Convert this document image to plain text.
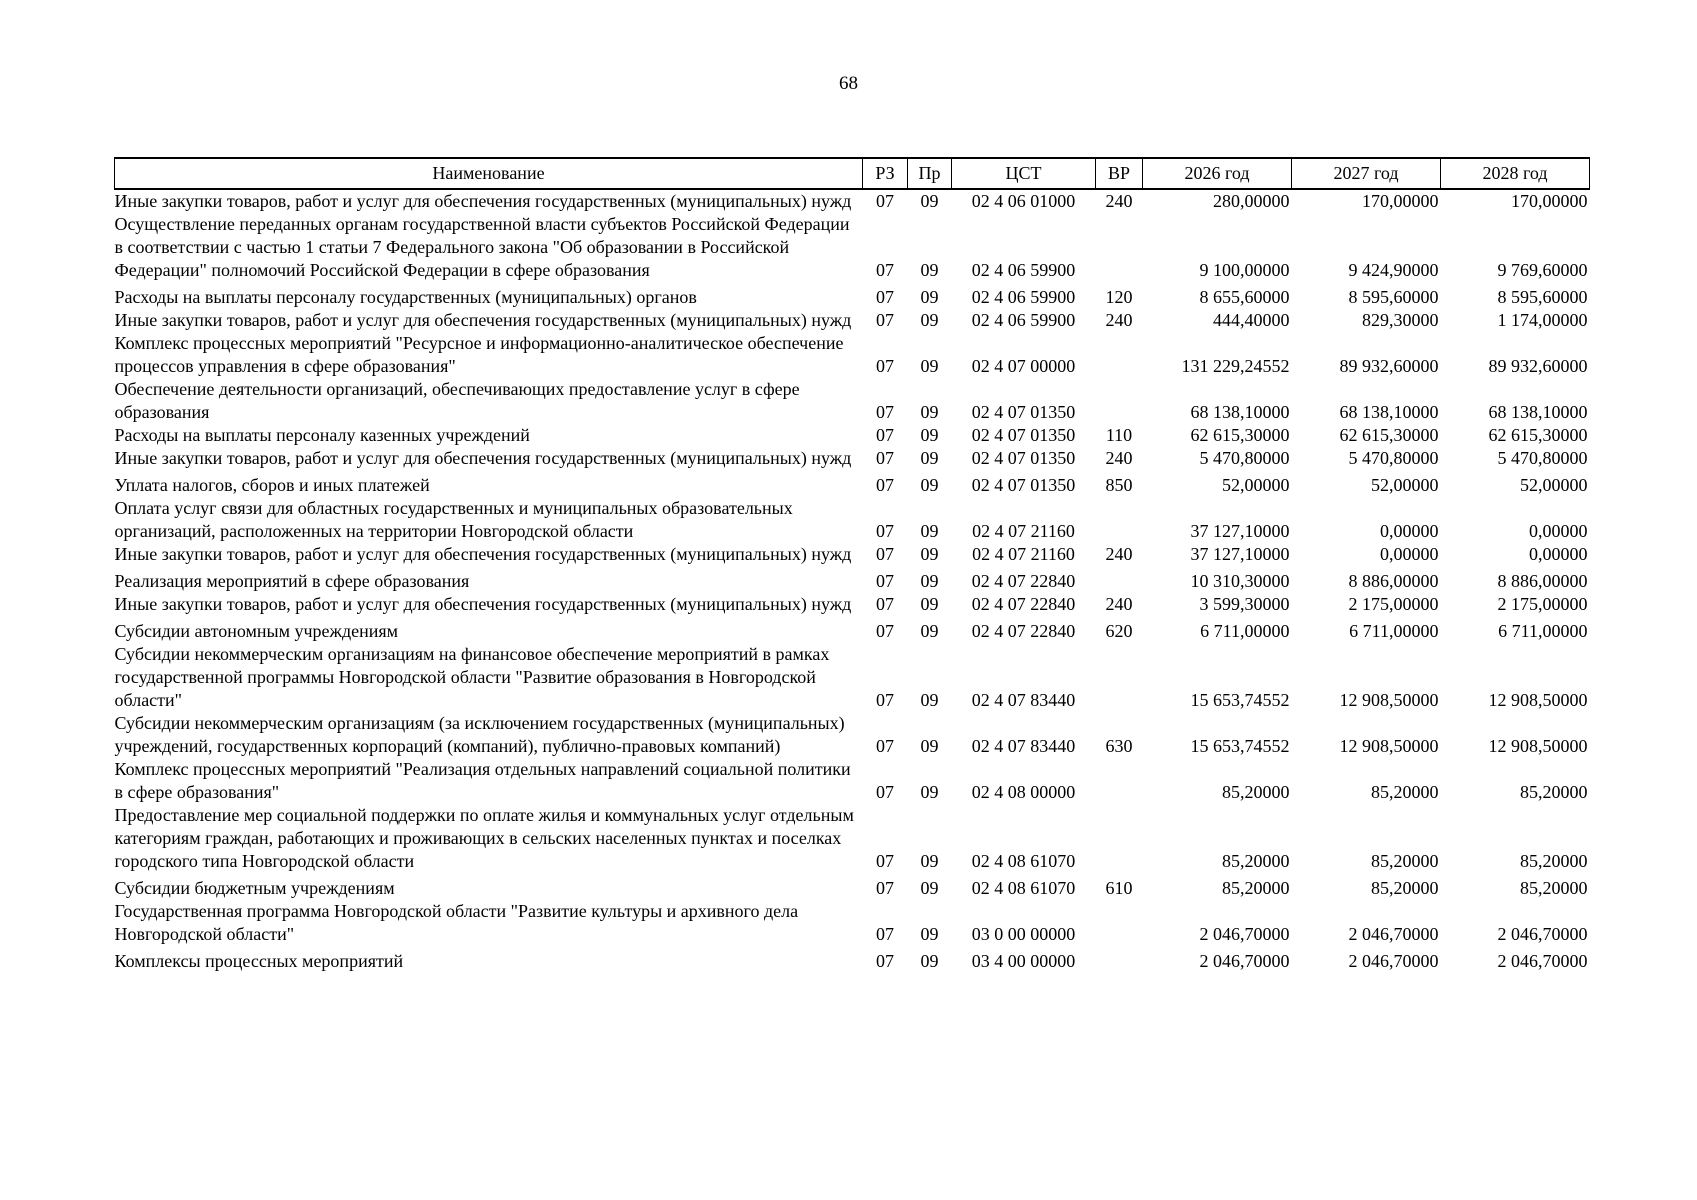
68
Наименование	РЗ	Пр	ЦСТ	ВР	2026 год	2027 год	2028 год
Иные закупки товаров, работ и услуг для обеспечения государственных (муниципальных) нужд	07	09	02 4 06 01000	240	280,00000	170,00000	170,00000
Осуществление переданных органам государственной власти субъектов Российской Федерации в соответствии с частью 1 статьи 7 Федерального закона "Об образовании в Российской Федерации" полномочий Российской Федерации в сфере образования	07	09	02 4 06 59900		9 100,00000	9 424,90000	9 769,60000
Расходы на выплаты персоналу государственных (муниципальных) органов	07	09	02 4 06 59900	120	8 655,60000	8 595,60000	8 595,60000
Иные закупки товаров, работ и услуг для обеспечения государственных (муниципальных) нужд	07	09	02 4 06 59900	240	444,40000	829,30000	1 174,00000
Комплекс процессных мероприятий "Ресурсное и информационно-аналитическое обеспечение процессов управления в сфере образования"	07	09	02 4 07 00000		131 229,24552	89 932,60000	89 932,60000
Обеспечение деятельности организаций, обеспечивающих предоставление услуг в сфере образования	07	09	02 4 07 01350		68 138,10000	68 138,10000	68 138,10000
Расходы на выплаты персоналу казенных учреждений	07	09	02 4 07 01350	110	62 615,30000	62 615,30000	62 615,30000
Иные закупки товаров, работ и услуг для обеспечения государственных (муниципальных) нужд	07	09	02 4 07 01350	240	5 470,80000	5 470,80000	5 470,80000
Уплата налогов, сборов и иных платежей	07	09	02 4 07 01350	850	52,00000	52,00000	52,00000
Оплата услуг связи для областных государственных и муниципальных образовательных организаций, расположенных на территории Новгородской области	07	09	02 4 07 21160		37 127,10000	0,00000	0,00000
Иные закупки товаров, работ и услуг для обеспечения государственных (муниципальных) нужд	07	09	02 4 07 21160	240	37 127,10000	0,00000	0,00000
Реализация мероприятий в сфере образования	07	09	02 4 07 22840		10 310,30000	8 886,00000	8 886,00000
Иные закупки товаров, работ и услуг для обеспечения государственных (муниципальных) нужд	07	09	02 4 07 22840	240	3 599,30000	2 175,00000	2 175,00000
Субсидии автономным учреждениям	07	09	02 4 07 22840	620	6 711,00000	6 711,00000	6 711,00000
Субсидии некоммерческим организациям на финансовое обеспечение мероприятий в рамках государственной программы Новгородской области "Развитие образования в Новгородской области"	07	09	02 4 07 83440		15 653,74552	12 908,50000	12 908,50000
Субсидии некоммерческим организациям (за исключением государственных (муниципальных) учреждений, государственных корпораций (компаний), публично-правовых компаний)	07	09	02 4 07 83440	630	15 653,74552	12 908,50000	12 908,50000
Комплекс процессных мероприятий "Реализация отдельных направлений социальной политики в сфере образования"	07	09	02 4 08 00000		85,20000	85,20000	85,20000
Предоставление мер социальной поддержки по оплате жилья и коммунальных услуг отдельным категориям граждан, работающих и проживающих в сельских населенных пунктах и поселках городского типа Новгородской области	07	09	02 4 08 61070		85,20000	85,20000	85,20000
Субсидии бюджетным учреждениям	07	09	02 4 08 61070	610	85,20000	85,20000	85,20000
Государственная программа Новгородской области "Развитие культуры и архивного дела Новгородской области"	07	09	03 0 00 00000		2 046,70000	2 046,70000	2 046,70000
Комплексы процессных мероприятий	07	09	03 4 00 00000		2 046,70000	2 046,70000	2 046,70000
